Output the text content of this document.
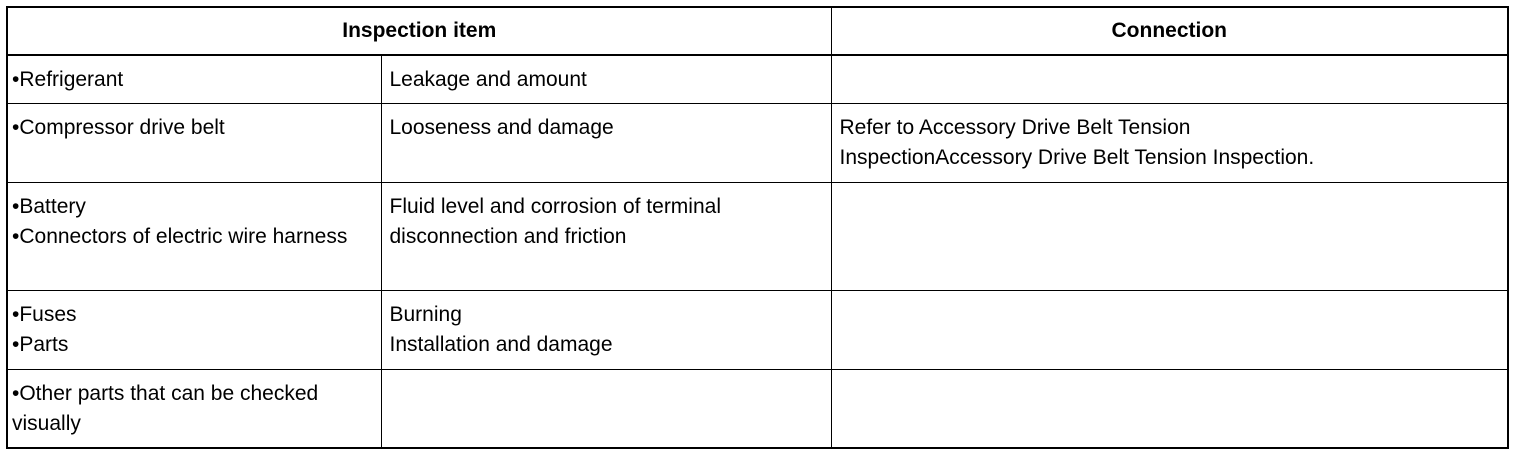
Inspection item		Connection

•Refrigerant	Leakage and amount	

•Compressor drive belt	Looseness and damage	Refer to Accessory Drive Belt Tension
InspectionAccessory Drive Belt Tension Inspection.

•Battery
•Connectors of electric wire harness	Fluid level and corrosion of terminal
disconnection and friction	

•Fuses
•Parts	Burning
Installation and damage	

•Other parts that can be checked visually		
